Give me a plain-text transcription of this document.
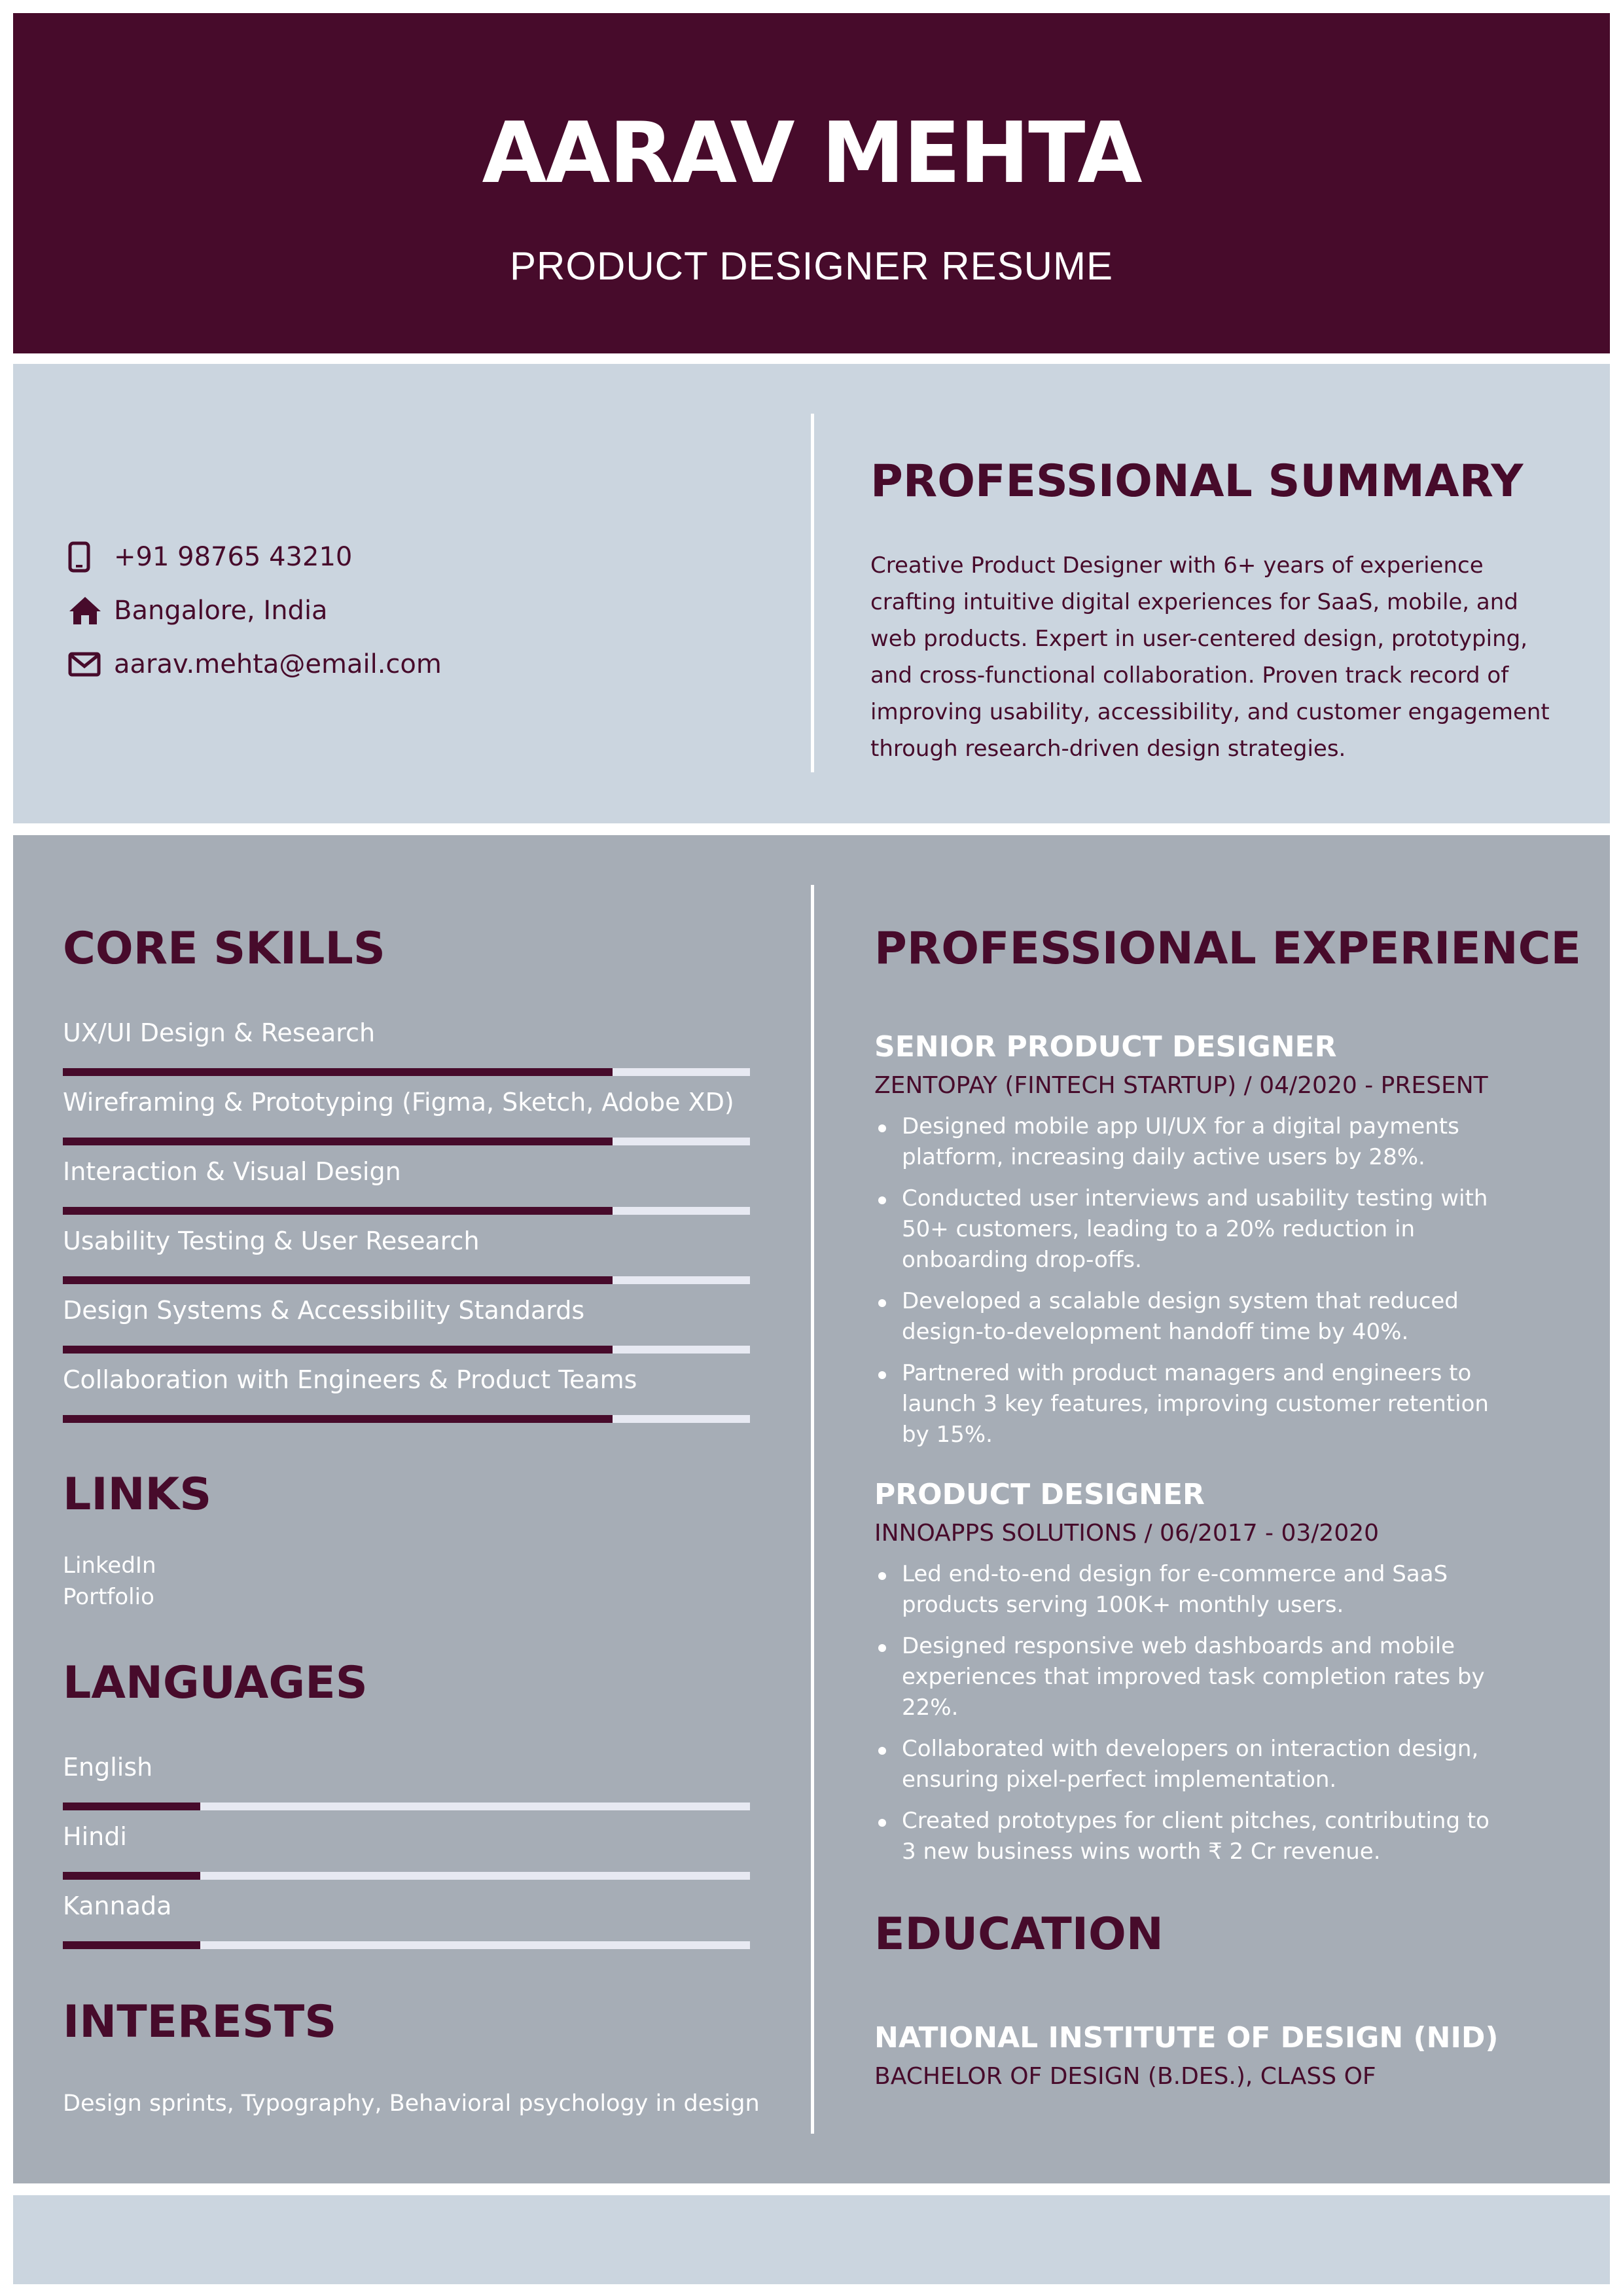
AARAV MEHTA
PRODUCT DESIGNER RESUME
+91 98765 43210
Bangalore, India
aarav.mehta@email.com
PROFESSIONAL SUMMARY
Creative Product Designer with 6+ years of experience
crafting intuitive digital experiences for SaaS, mobile, and
web products. Expert in user-centered design, prototyping,
and cross-functional collaboration. Proven track record of
improving usability, accessibility, and customer engagement
through research-driven design strategies.
CORE SKILLS
UX/UI Design & Research
Wireframing & Prototyping (Figma, Sketch, Adobe XD)
Interaction & Visual Design
Usability Testing & User Research
Design Systems & Accessibility Standards
Collaboration with Engineers & Product Teams
LINKS
LinkedIn
Portfolio
LANGUAGES
English
Hindi
Kannada
INTERESTS
Design sprints, Typography, Behavioral psychology in design
PROFESSIONAL EXPERIENCE
SENIOR PRODUCT DESIGNER
ZENTOPAY (FINTECH STARTUP) / 04/2020 - PRESENT
Designed mobile app UI/UX for a digital payments platform, increasing daily active users by 28%.
Conducted user interviews and usability testing with 50+ customers, leading to a 20% reduction in onboarding drop-offs.
Developed a scalable design system that reduced design-to-development handoff time by 40%.
Partnered with product managers and engineers to launch 3 key features, improving customer retention by 15%.
PRODUCT DESIGNER
INNOAPPS SOLUTIONS / 06/2017 - 03/2020
Led end-to-end design for e-commerce and SaaS products serving 100K+ monthly users.
Designed responsive web dashboards and mobile experiences that improved task completion rates by 22%.
Collaborated with developers on interaction design, ensuring pixel-perfect implementation.
Created prototypes for client pitches, contributing to 3 new business wins worth ₹ 2 Cr revenue.
EDUCATION
NATIONAL INSTITUTE OF DESIGN (NID)
BACHELOR OF DESIGN (B.DES.), CLASS OF
